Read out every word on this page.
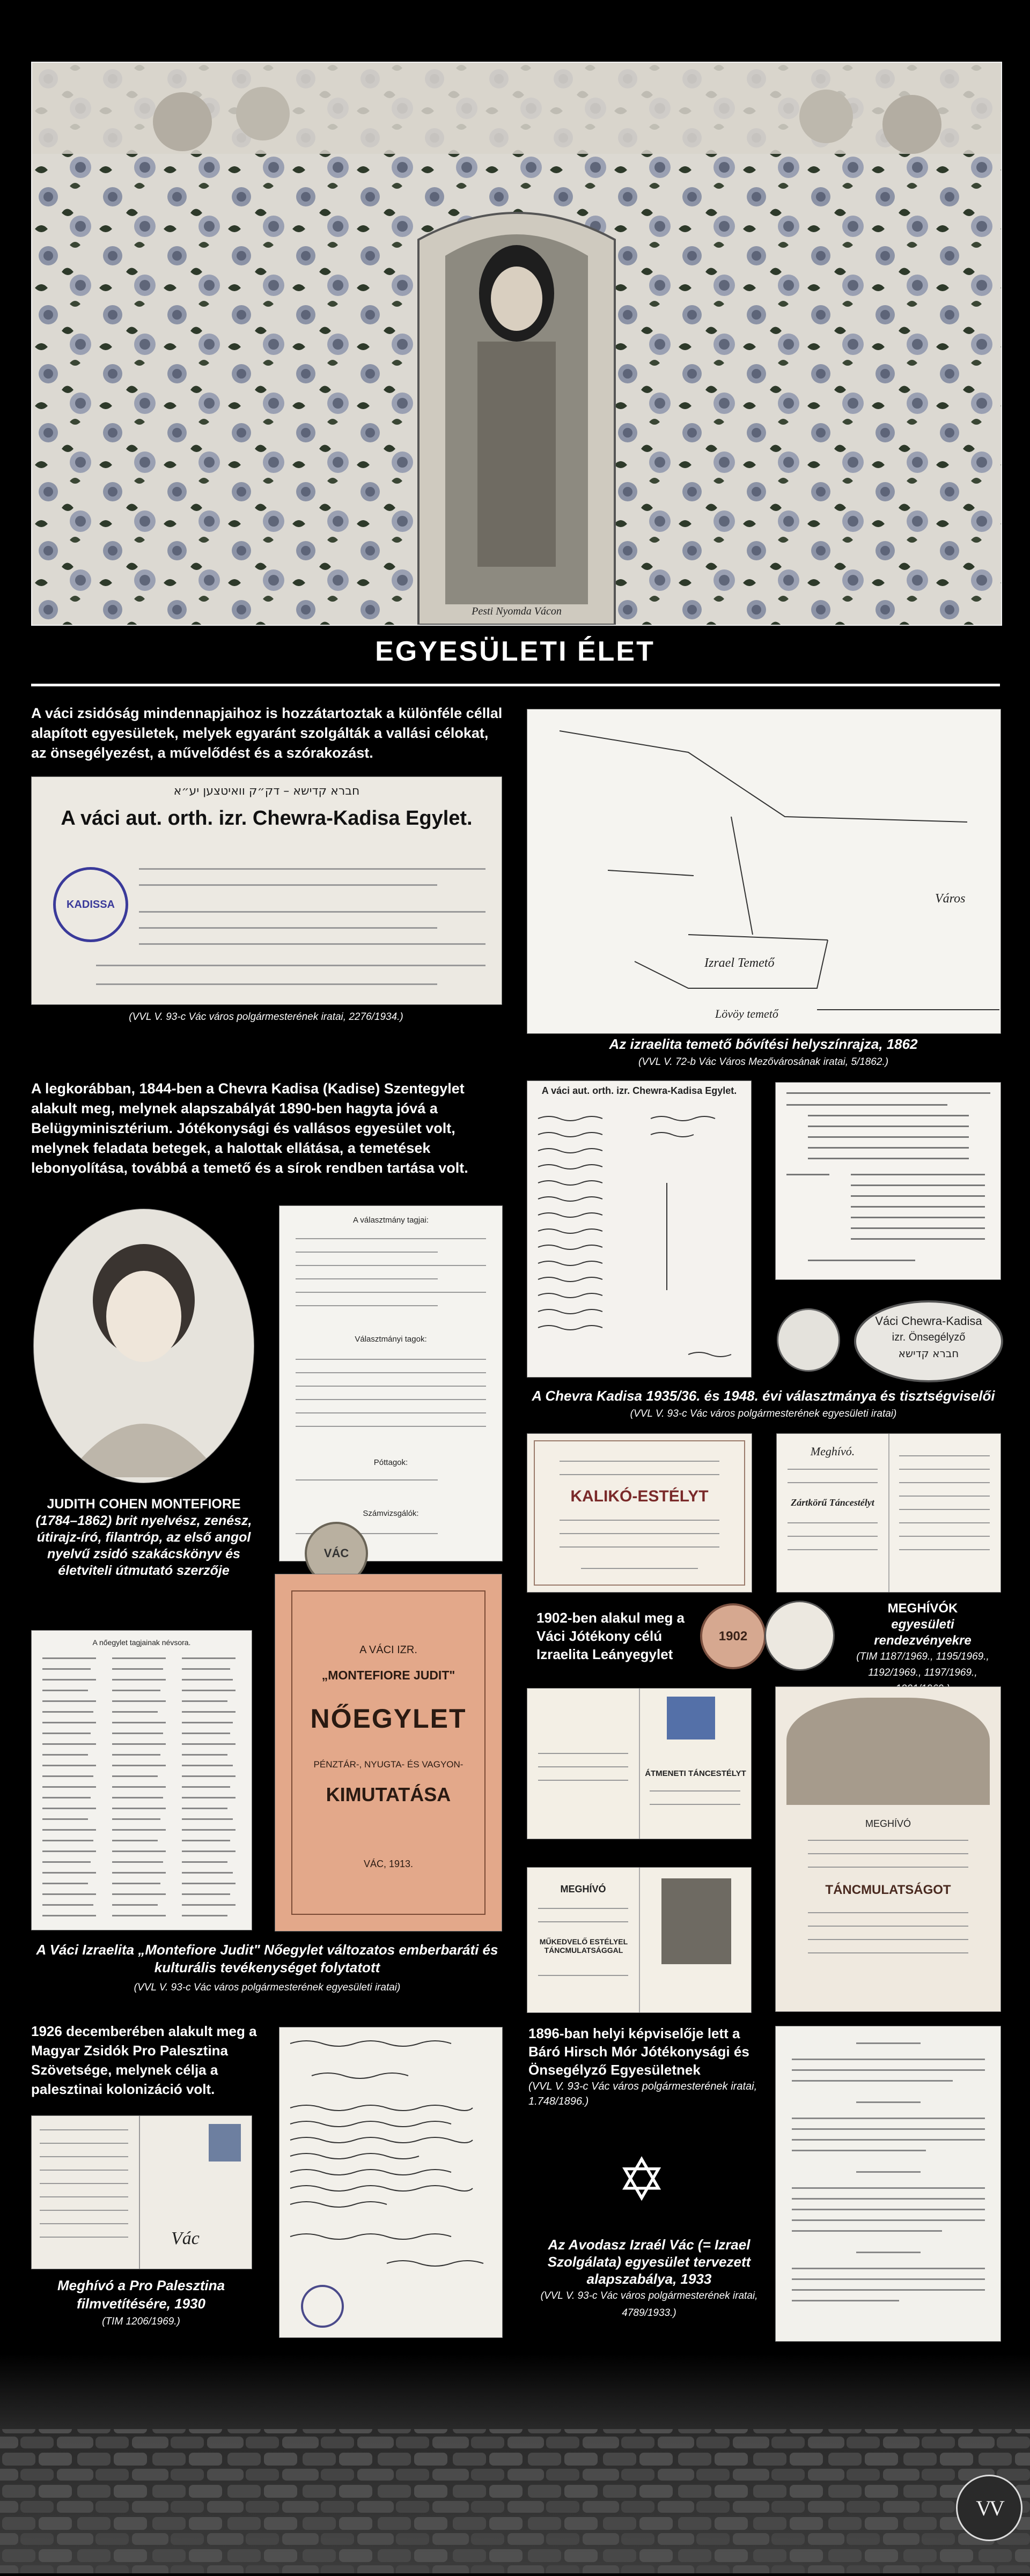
Pesti Nyomda Vácon
EGYESÜLETI ÉLET
A váci zsidóság mindennapjaihoz is hozzátartoztak a különféle céllal alapított egyesületek, melyek egyaránt szolgálták a vallási célokat, az önsegélyezést, a művelődést és a szórakozást.
חברא קדישא – דק״ק וואיטצען יע״א
A váci aut. orth. izr. Chewra-Kadisa Egylet.
KADISSA
(VVL V. 93-c Vác város polgármesterének iratai, 2276/1934.)
A legkorábban, 1844-ben a Chevra Kadisa (Kadise) Szentegylet alakult meg, melynek alapszabályát 1890-ben hagyta jóvá a Belügyminisztérium. Jótékonysági és vallásos egyesület volt, melynek feladata betegek, a halottak ellátása, a temetések lebonyolítása, továbbá a temető és a sírok rendben tartása volt.
A választmány tagjai:
Választmányi tagok:
Póttagok:
Számvizsgálók:
JUDITH COHEN MONTEFIORE
(1784–1862) brit nyelvész, zenész, útirajz-író, filantróp, az első angol nyelvű zsidó szakácskönyv és életviteli útmutató szerzője
VÁC
A nőegylet tagjainak névsora.
A VÁCI IZR.
„MONTEFIORE JUDIT"
NŐEGYLET
PÉNZTÁR-, NYUGTA- ÉS VAGYON-
KIMUTATÁSA
VÁC, 1913.
A Váci Izraelita „Montefiore Judit" Nőegylet változatos emberbaráti és kulturális tevékenységet folytatott
(VVL V. 93-c Vác város polgármesterének egyesületi iratai)
1926 decemberében alakult meg a Magyar Zsidók Pro Palesztina Szövetsége, melynek célja a palesztinai kolonizáció volt.
Vác
Meghívó a Pro Palesztina filmvetítésére, 1930
(TIM 1206/1969.)
Izrael Temető
Város
Lövöy temető
Az izraelita temető bővítési helyszínrajza, 1862
(VVL V. 72-b Vác Város Mezővárosának iratai, 5/1862.)
A váci aut. orth. izr. Chewra-Kadisa Egylet.
Váci Chewra-Kadisa
izr. Önsegélyző
חברא קדישא
A Chevra Kadisa 1935/36. és 1948. évi választmánya és tisztségviselői
(VVL V. 93-c Vác város polgármesterének egyesületi iratai)
KALIKÓ-ESTÉLYT
Meghívó.
Zártkörű Táncestélyt
1902-ben alakul meg a Váci Jótékony célú Izraelita Leányegylet
1902
MEGHÍVÓK
egyesületi rendezvényekre
(TIM 1187/1969., 1195/1969., 1192/1969., 1197/1969.,
ÁTMENETI TÁNCESTÉLYT
MEGHÍVÓ
TÁNCMULATSÁGOT
MEGHÍVÓ
MŰKEDVELŐ ESTÉLYEL TÁNCMULATSÁGGAL
1896-ban helyi képviselője lett a Báró Hirsch Mór Jótékonysági és Önsegélyző Egyesületnek
(VVL V. 93-c Vác város polgármesterének iratai, 1.748/1896.)
✡
Az Avodasz Izraél Vác (= Izrael Szolgálata) egyesület tervezett alapszabálya, 1933
(VVL V. 93-c Vác város polgármesterének iratai, 4789/1933.)
VV
